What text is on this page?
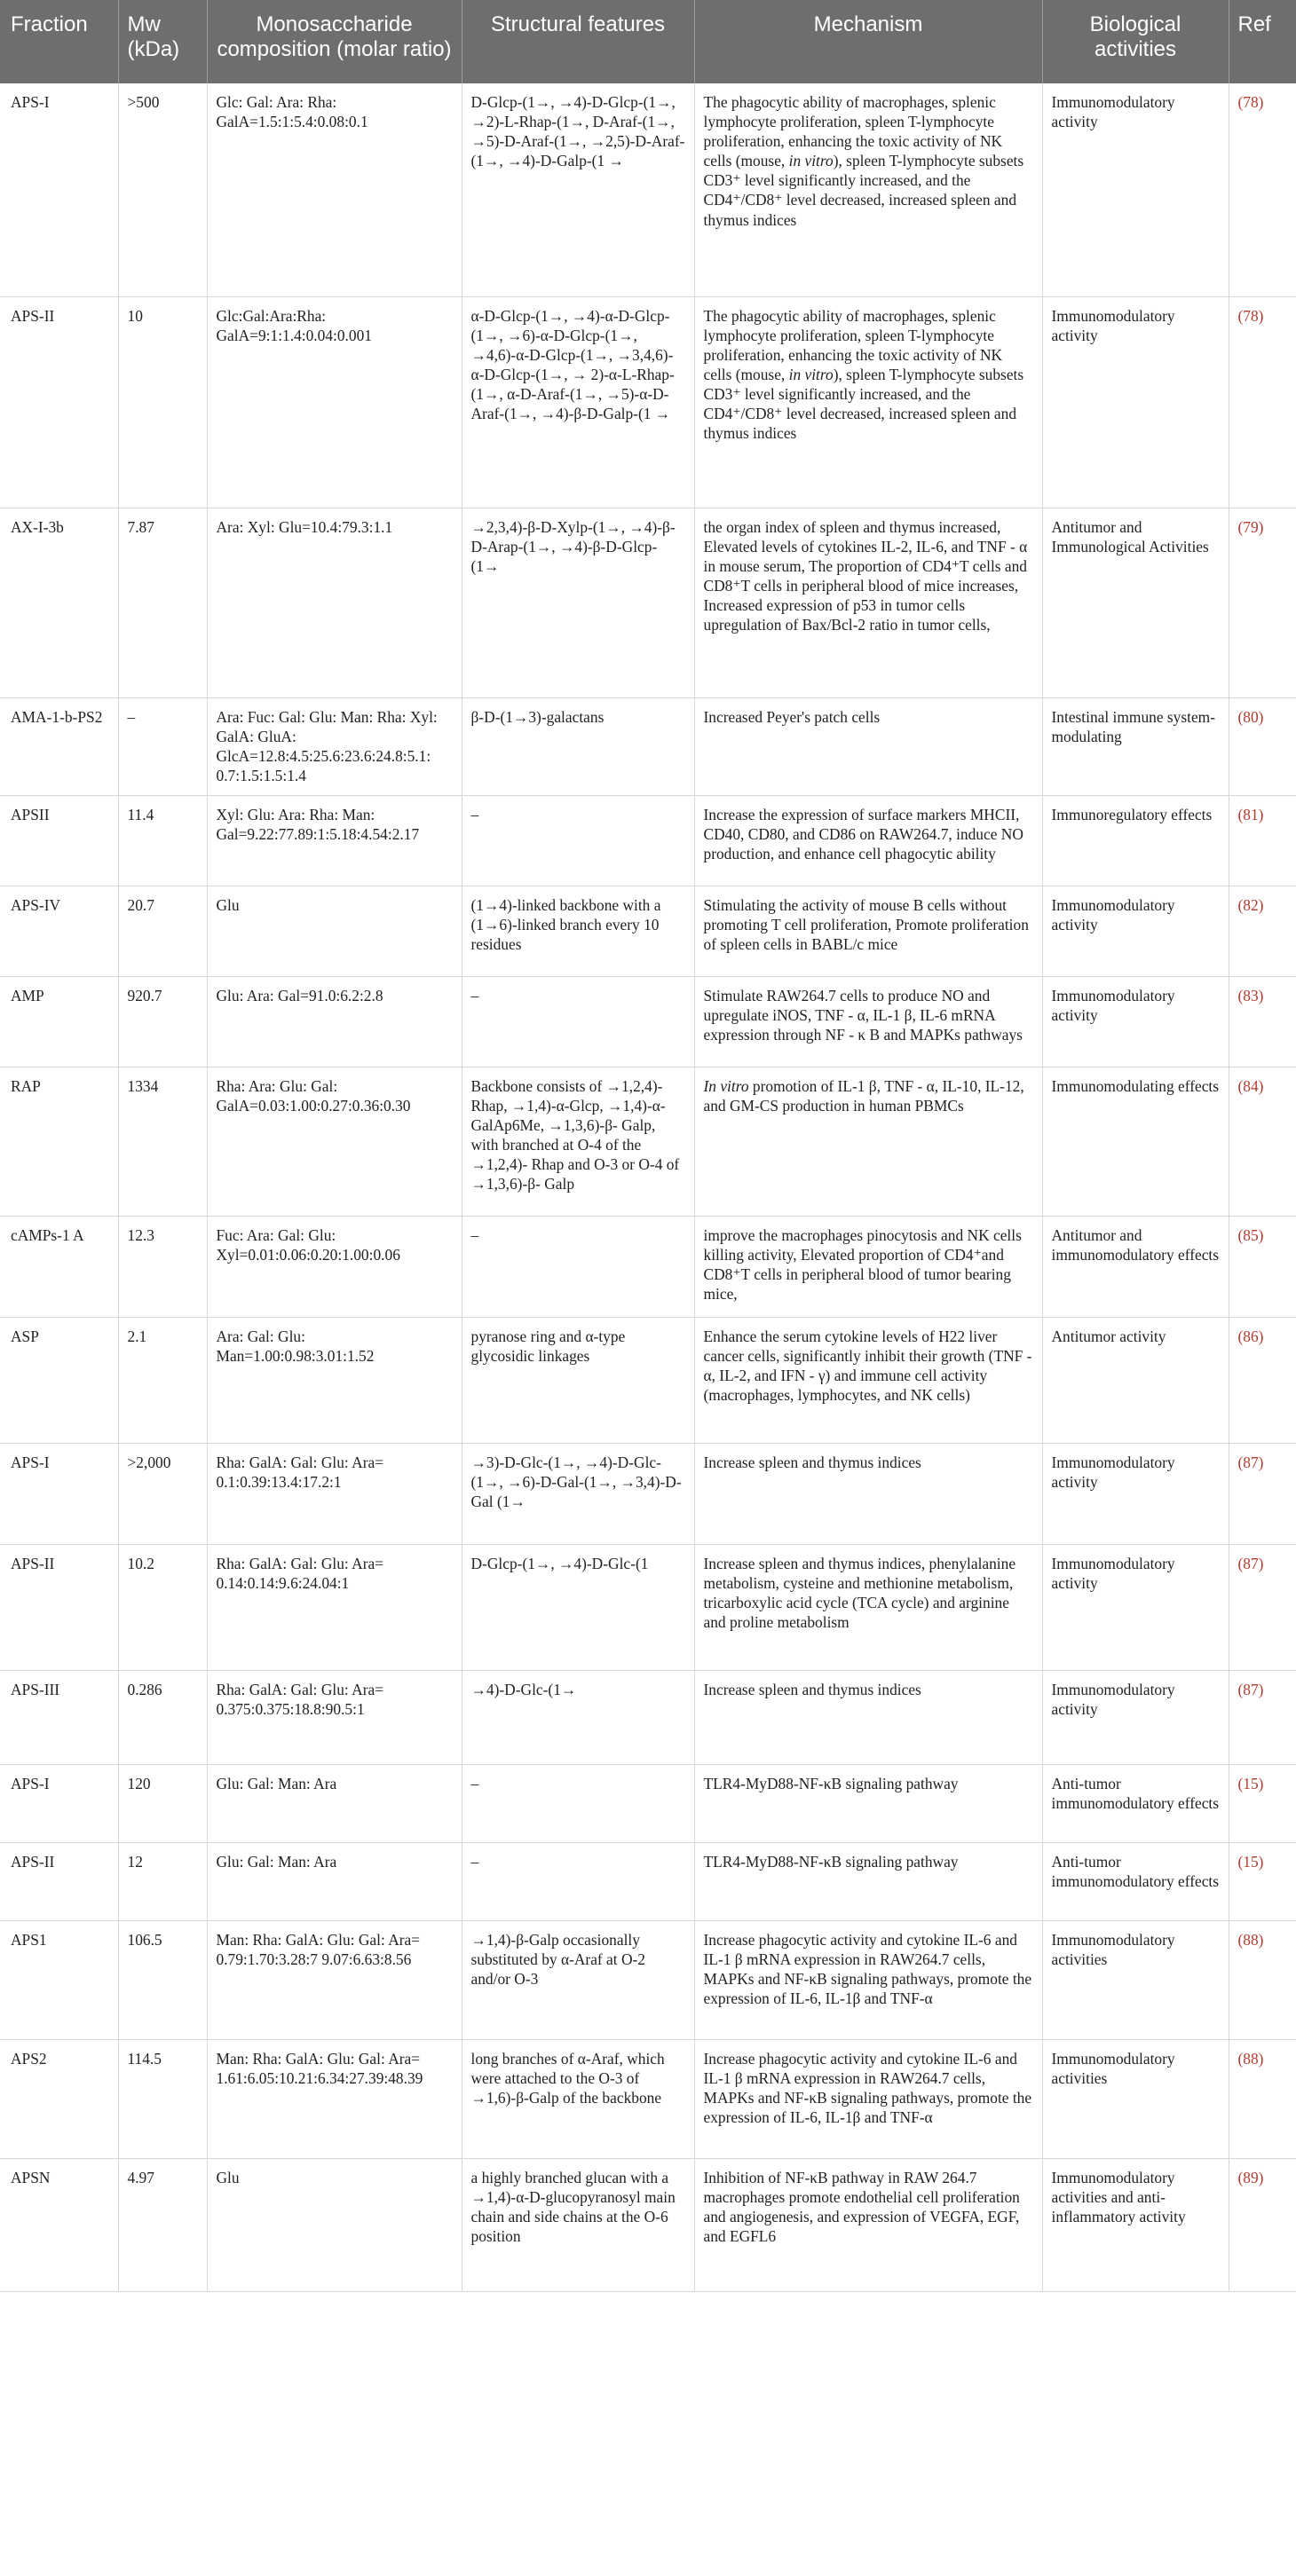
Fraction	Mw (kDa)	Monosaccharide composition (molar ratio)	Structural features	Mechanism	Biological activities	Ref
APS-I	>500	Glc: Gal: Ara: Rha: GalA=1.5:1:5.4:0.08:0.1	D-Glcp-(1→, →4)-D-Glcp-(1→, →2)-L-Rhap-(1→, D-Araf-(1→, →5)-D-Araf-(1→, →2,5)-D-Araf-(1→, →4)-D-Galp-(1 →	The phagocytic ability of macrophages, splenic lymphocyte proliferation, spleen T-lymphocyte proliferation, enhancing the toxic activity of NK cells (mouse, in vitro), spleen T-lymphocyte subsets CD3⁺ level significantly increased, and the CD4⁺/CD8⁺ level decreased, increased spleen and thymus indices	Immunomodulatory activity	(78)
APS-II	10	Glc:Gal:Ara:Rha: GalA=9:1:1.4:0.04:0.001	α-D-Glcp-(1→, →4)-α-D-Glcp-(1→, →6)-α-D-Glcp-(1→, →4,6)-α-D-Glcp-(1→, →3,4,6)-α-D-Glcp-(1→, → 2)-α-L-Rhap-(1→, α-D-Araf-(1→, →5)-α-D-Araf-(1→, →4)-β-D-Galp-(1 →	The phagocytic ability of macrophages, splenic lymphocyte proliferation, spleen T-lymphocyte proliferation, enhancing the toxic activity of NK cells (mouse, in vitro), spleen T-lymphocyte subsets CD3⁺ level significantly increased, and the CD4⁺/CD8⁺ level decreased, increased spleen and thymus indices	Immunomodulatory activity	(78)
AX-I-3b	7.87	Ara: Xyl: Glu=10.4:79.3:1.1	→2,3,4)-β-D-Xylp-(1→, →4)-β-D-Arap-(1→, →4)-β-D-Glcp-(1→	the organ index of spleen and thymus increased, Elevated levels of cytokines IL-2, IL-6, and TNF - α in mouse serum, The proportion of CD4⁺T cells and CD8⁺T cells in peripheral blood of mice increases, Increased expression of p53 in tumor cells upregulation of Bax/Bcl-2 ratio in tumor cells,	Antitumor and Immunological Activities	(79)
AMA-1-b-PS2	–	Ara: Fuc: Gal: Glu: Man: Rha: Xyl: GalA: GluA: GlcA=12.8:4.5:25.6:23.6:24.8:5.1: 0.7:1.5:1.5:1.4	β-D-(1→3)-galactans	Increased Peyer's patch cells	Intestinal immune system-modulating	(80)
APSII	11.4	Xyl: Glu: Ara: Rha: Man: Gal=9.22:77.89:1:5.18:4.54:2.17	–	Increase the expression of surface markers MHCII, CD40, CD80, and CD86 on RAW264.7, induce NO production, and enhance cell phagocytic ability	Immunoregulatory effects	(81)
APS-IV	20.7	Glu	(1→4)-linked backbone with a (1→6)-linked branch every 10 residues	Stimulating the activity of mouse B cells without promoting T cell proliferation, Promote proliferation of spleen cells in BABL/c mice	Immunomodulatory activity	(82)
AMP	920.7	Glu: Ara: Gal=91.0:6.2:2.8	–	Stimulate RAW264.7 cells to produce NO and upregulate iNOS, TNF - α, IL-1 β, IL-6 mRNA expression through NF - κ B and MAPKs pathways	Immunomodulatory activity	(83)
RAP	1334	Rha: Ara: Glu: Gal: GalA=0.03:1.00:0.27:0.36:0.30	Backbone consists of →1,2,4)- Rhap, →1,4)-α-Glcp, →1,4)-α- GalAp6Me, →1,3,6)-β- Galp, with branched at O-4 of the →1,2,4)- Rhap and O-3 or O-4 of →1,3,6)-β- Galp	In vitro promotion of IL-1 β, TNF - α, IL-10, IL-12, and GM-CS production in human PBMCs	Immunomodulating effects	(84)
cAMPs-1 A	12.3	Fuc: Ara: Gal: Glu: Xyl=0.01:0.06:0.20:1.00:0.06	–	improve the macrophages pinocytosis and NK cells killing activity, Elevated proportion of CD4⁺and CD8⁺T cells in peripheral blood of tumor bearing mice,	Antitumor and immunomodulatory effects	(85)
ASP	2.1	Ara: Gal: Glu: Man=1.00:0.98:3.01:1.52	pyranose ring and α-type glycosidic linkages	Enhance the serum cytokine levels of H22 liver cancer cells, significantly inhibit their growth (TNF - α, IL-2, and IFN - γ) and immune cell activity (macrophages, lymphocytes, and NK cells)	Antitumor activity	(86)
APS-I	>2,000	Rha: GalA: Gal: Glu: Ara= 0.1:0.39:13.4:17.2:1	→3)-D-Glc-(1→, →4)-D-Glc-(1→, →6)-D-Gal-(1→, →3,4)-D-Gal (1→	Increase spleen and thymus indices	Immunomodulatory activity	(87)
APS-II	10.2	Rha: GalA: Gal: Glu: Ara= 0.14:0.14:9.6:24.04:1	D-Glcp-(1→, →4)-D-Glc-(1	Increase spleen and thymus indices, phenylalanine metabolism, cysteine and methionine metabolism, tricarboxylic acid cycle (TCA cycle) and arginine and proline metabolism	Immunomodulatory activity	(87)
APS-III	0.286	Rha: GalA: Gal: Glu: Ara= 0.375:0.375:18.8:90.5:1	→4)-D-Glc-(1→	Increase spleen and thymus indices	Immunomodulatory activity	(87)
APS-I	120	Glu: Gal: Man: Ara	–	TLR4-MyD88-NF-κB signaling pathway	Anti-tumor immunomodulatory effects	(15)
APS-II	12	Glu: Gal: Man: Ara	–	TLR4-MyD88-NF-κB signaling pathway	Anti-tumor immunomodulatory effects	(15)
APS1	106.5	Man: Rha: GalA: Glu: Gal: Ara= 0.79:1.70:3.28:7 9.07:6.63:8.56	→1,4)-β-Galp occasionally substituted by α-Araf at O-2 and/or O-3	Increase phagocytic activity and cytokine IL-6 and IL-1 β mRNA expression in RAW264.7 cells, MAPKs and NF-κB signaling pathways, promote the expression of IL-6, IL-1β and TNF-α	Immunomodulatory activities	(88)
APS2	114.5	Man: Rha: GalA: Glu: Gal: Ara= 1.61:6.05:10.21:6.34:27.39:48.39	long branches of α-Araf, which were attached to the O-3 of →1,6)-β-Galp of the backbone	Increase phagocytic activity and cytokine IL-6 and IL-1 β mRNA expression in RAW264.7 cells, MAPKs and NF-κB signaling pathways, promote the expression of IL-6, IL-1β and TNF-α	Immunomodulatory activities	(88)
APSN	4.97	Glu	a highly branched glucan with a →1,4)-α-D-glucopyranosyl main chain and side chains at the O-6 position	Inhibition of NF-κB pathway in RAW 264.7 macrophages promote endothelial cell proliferation and angiogenesis, and expression of VEGFA, EGF, and EGFL6	Immunomodulatory activities and anti-inflammatory activity	(89)
